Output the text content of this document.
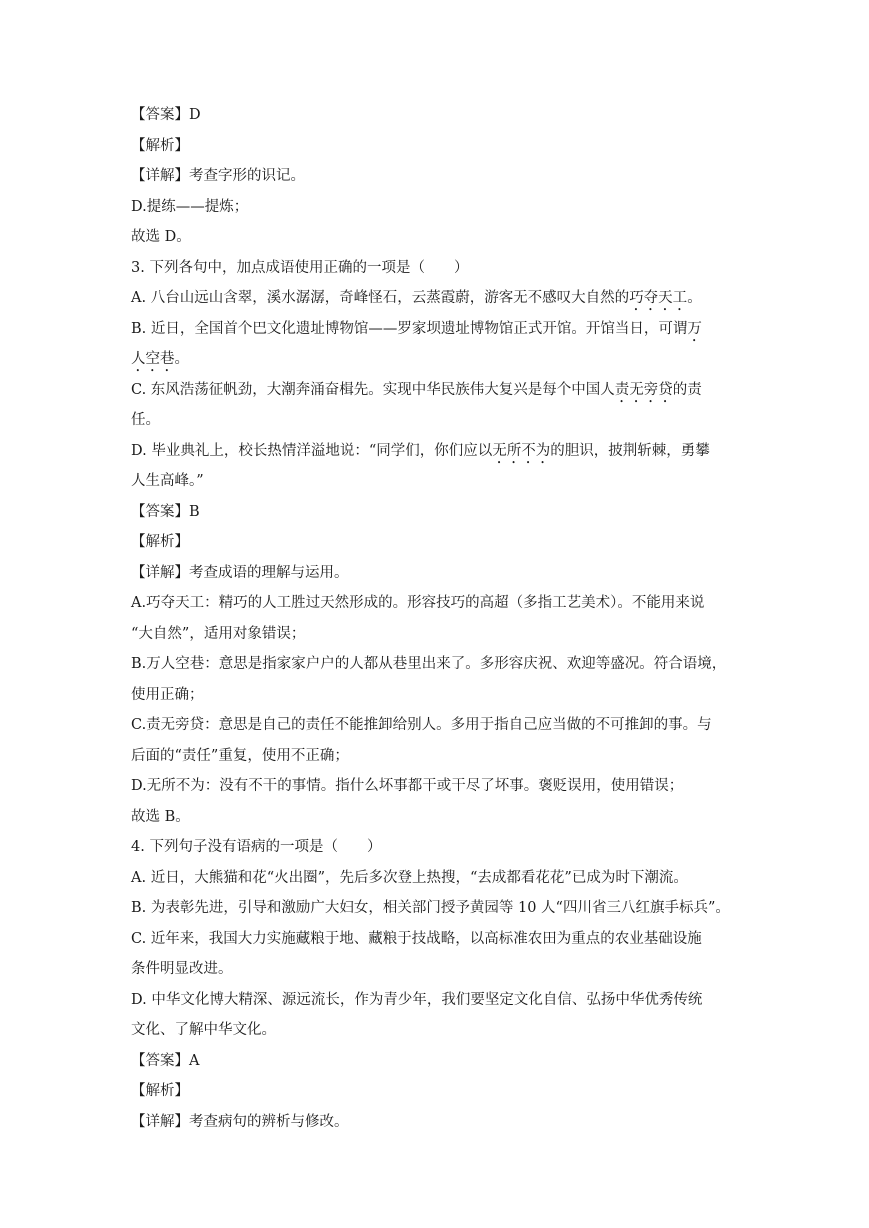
【答案】D
【解析】
【详解】考查字形的识记。
D.提练——提炼；
故选 D。
3. 下列各句中，加点成语使用正确的一项是（　　）
A. 八台山远山含翠，溪水潺潺，奇峰怪石，云蒸霞蔚，游客无不感叹大自然的巧夺天工。
B. 近日，全国首个巴文化遗址博物馆——罗家坝遗址博物馆正式开馆。开馆当日，可谓万
人空巷。
C. 东风浩荡征帆劲，大潮奔涌奋楫先。实现中华民族伟大复兴是每个中国人责无旁贷的责
任。
D. 毕业典礼上，校长热情洋溢地说：“同学们，你们应以无所不为的胆识，披荆斩棘，勇攀
人生高峰。”
【答案】B
【解析】
【详解】考查成语的理解与运用。
A.巧夺天工：精巧的人工胜过天然形成的。形容技巧的高超（多指工艺美术）。不能用来说
“大自然”，适用对象错误；
B.万人空巷：意思是指家家户户的人都从巷里出来了。多形容庆祝、欢迎等盛况。符合语境，
使用正确；
C.责无旁贷：意思是自己的责任不能推卸给别人。多用于指自己应当做的不可推卸的事。与
后面的“责任”重复，使用不正确；
D.无所不为：没有不干的事情。指什么坏事都干或干尽了坏事。褒贬误用，使用错误；
故选 B。
4. 下列句子没有语病的一项是（　　）
A. 近日，大熊猫和花“火出圈”，先后多次登上热搜，“去成都看花花”已成为时下潮流。
B. 为表彰先进，引导和激励广大妇女，相关部门授予黄园等 10 人“四川省三八红旗手标兵”。
C. 近年来，我国大力实施藏粮于地、藏粮于技战略，以高标准农田为重点的农业基础设施
条件明显改进。
D. 中华文化博大精深、源远流长，作为青少年，我们要坚定文化自信、弘扬中华优秀传统
文化、了解中华文化。
【答案】A
【解析】
【详解】考查病句的辨析与修改。
